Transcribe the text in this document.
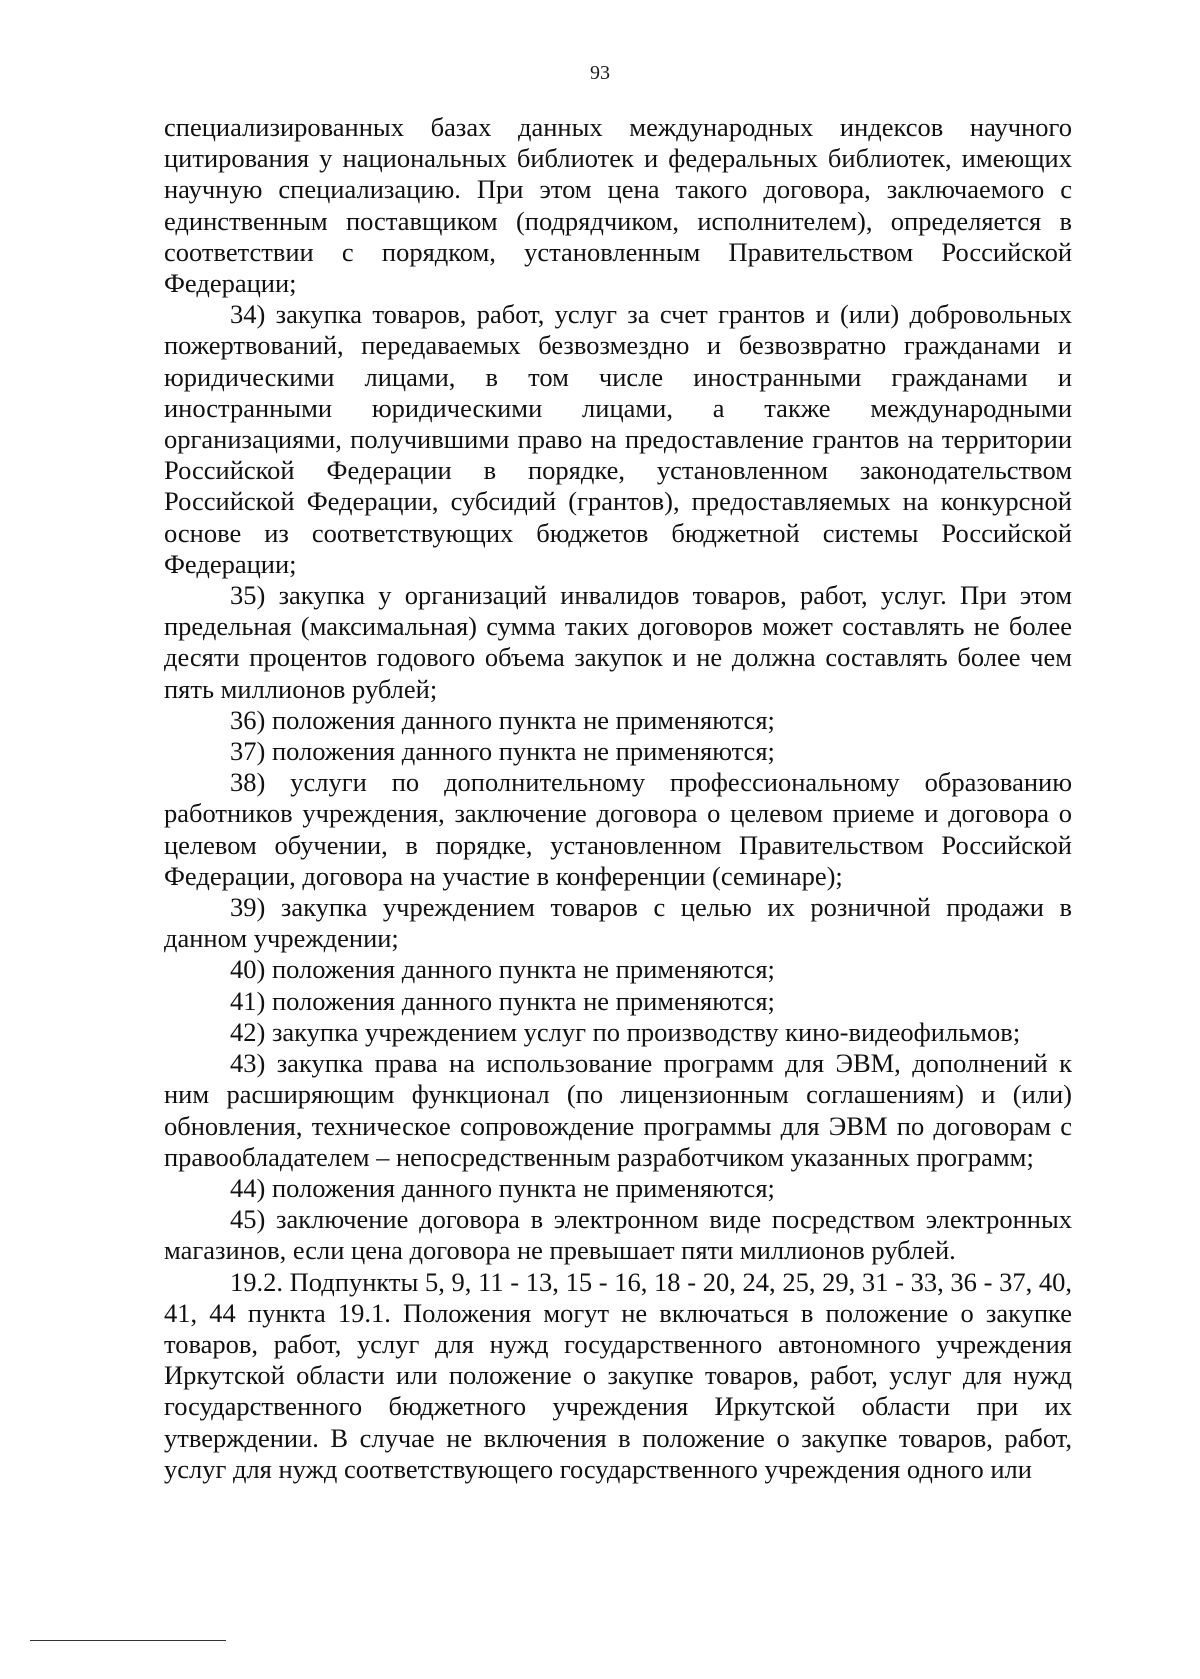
93

специализированных базах данных международных индексов научного цитирования у национальных библиотек и федеральных библиотек, имеющих научную специализацию. При этом цена такого договора, заключаемого с единственным поставщиком (подрядчиком, исполнителем), определяется в соответствии с порядком, установленным Правительством Российской Федерации;

34) закупка товаров, работ, услуг за счет грантов и (или) добровольных пожертвований, передаваемых безвозмездно и безвозвратно гражданами и юридическими лицами, в том числе иностранными гражданами и иностранными юридическими лицами, а также международными организациями, получившими право на предоставление грантов на территории Российской Федерации в порядке, установленном законодательством Российской Федерации, субсидий (грантов), предоставляемых на конкурсной основе из соответствующих бюджетов бюджетной системы Российской Федерации;

35) закупка у организаций инвалидов товаров, работ, услуг. При этом предельная (максимальная) сумма таких договоров может составлять не более десяти процентов годового объема закупок и не должна составлять более чем пять миллионов рублей;

36) положения данного пункта не применяются;

37) положения данного пункта не применяются;

38) услуги по дополнительному профессиональному образованию работников учреждения, заключение договора о целевом приеме и договора о целевом обучении, в порядке, установленном Правительством Российской Федерации, договора на участие в конференции (семинаре);

39) закупка учреждением товаров с целью их розничной продажи в данном учреждении;

40) положения данного пункта не применяются;

41) положения данного пункта не применяются;

42) закупка учреждением услуг по производству кино-видеофильмов;

43) закупка права на использование программ для ЭВМ, дополнений к ним расширяющим функционал (по лицензионным соглашениям) и (или) обновления, техническое сопровождение программы для ЭВМ по договорам с правообладателем – непосредственным разработчиком указанных программ;

44) положения данного пункта не применяются;

45) заключение договора в электронном виде посредством электронных магазинов, если цена договора не превышает пяти миллионов рублей.

19.2. Подпункты 5, 9, 11 - 13, 15 - 16, 18 - 20, 24, 25, 29, 31 - 33, 36 - 37, 40, 41, 44 пункта 19.1. Положения могут не включаться в положение о закупке товаров, работ, услуг для нужд государственного автономного учреждения Иркутской области или положение о закупке товаров, работ, услуг для нужд государственного бюджетного учреждения Иркутской области при их утверждении. В случае не включения в положение о закупке товаров, работ, услуг для нужд соответствующего государственного учреждения одного или
